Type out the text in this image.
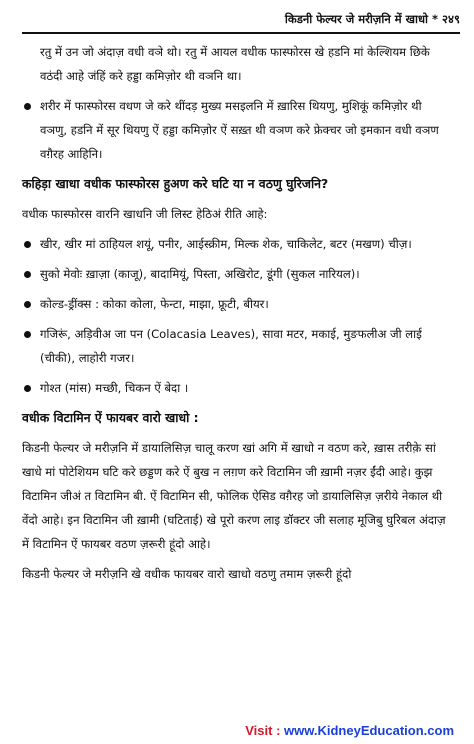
किडनी फेल्यर जे मरीज़नि में खाधो * २४९

रतु में उन जो अंदाज़ वधी वञे थो। रतु में आयल वधीक फास्फोरस खे हडनि मां केल्शियम छिके वठंदी आहे जंहिं करे हड्डा कमिज़ोर थी वञनि था।

शरीर में फास्फोरस वधण जे करे थींदड़ मुख्य मसइलनि में ख़ारिस थियणु, मुशिकूं कमिज़ोर थी वञणु, हडनि में सूर थियणु ऐं हड्डा कमिज़ोर ऐं सख़्त थी वञण करे फ्रेक्चर जो इमकान वधी वञण वग़ैरह आहिनि।
कहिड़ा खाधा वधीक फास्फोरस हुअण करे घटि या न वठणु घुरिजनि?

वधीक फास्फोरस वारनि खाधनि जी लिस्ट हेठिअं रीति आहे:

खीर, खीर मां ठाहियल शयूं, पनीर, आईस्क्रीम, मिल्क शेक, चाकिलेट, बटर (मखण) चीज़।
सुको मेवोः ख़ाज़ा (काजू), बादामियूं, पिस्ता, अखिरोट, डूंगी (सुकल नारियल)।
कोल्ड-ड्रींक्स : कोका कोला, फेन्टा, माझा, फ्रूटी, बीयर।
गजिरूं, अड़िवीअ जा पन (Colacasia Leaves), सावा मटर, मकाई, मुङफलीअ जी लाई (चीकी), लाहोरी गजर।
गोश्त (मांस) मच्छी, चिकन ऐं बेदा ।
वधीक विटामिन ऐं फायबर वारो खाधो :

किडनी फेल्यर जे मरीज़नि में डायालिसिज़ चालू करण खां अगि में खाधो न वठण करे, ख़ास तरीक़े सां खाधे मां पोटेशियम घटि करे छड्डण करे ऐं बुख न लग़ण करे विटामिन जी ख़ामी नज़र ईंदी आहे। कुझ विटामिन जीअं त विटामिन बी. ऐं विटामिन सी, फोलिक ऐसिड वग़ैरह जो डायालिसिज़ ज़रीये नेकाल थी वेंदो आहे। इन विटामिन जी ख़ामी (घटिताई) खे पूरो करण लाइ डॉक्टर जी सलाह मूजिबु घुरिबल अंदाज़ में विटामिन ऐं फायबर वठण ज़रूरी हूंदो आहे।

किडनी फेल्यर जे मरीज़नि खे वधीक फायबर वारो खाधो वठणु तमाम ज़रूरी हूंदो

Visit : www.KidneyEducation.com
